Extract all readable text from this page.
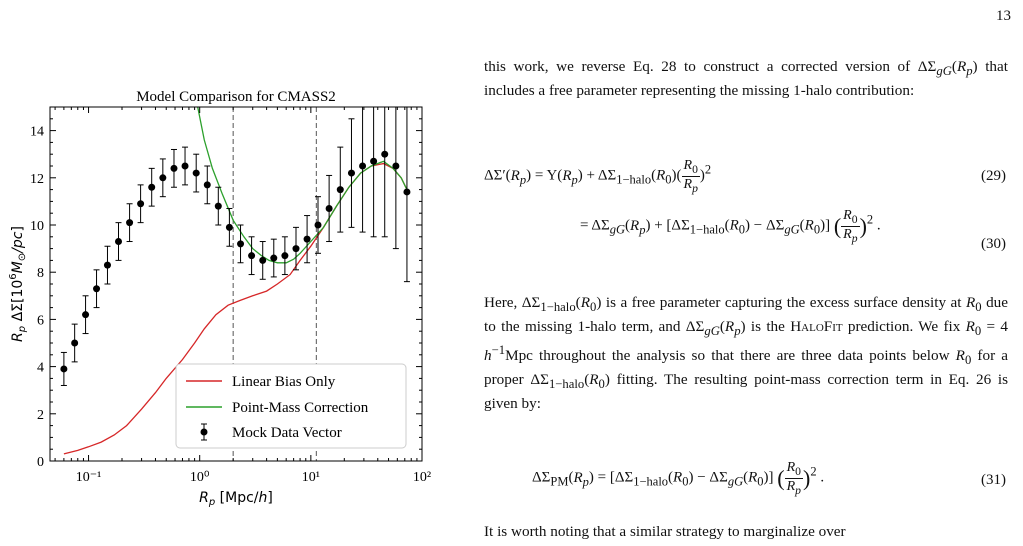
13
Model Comparison for CMASS2
0
2
4
6
8
10
12
14
10⁻¹	10⁰	10¹	10²
$R_p$ [Mpc/h]
$R_p$ $\Delta\Sigma[10^6M_⊙/pc]$
Linear Bias Only
Point-Mass Correction
Mock Data Vector

this work, we reverse Eq. 28 to construct a corrected version of $\Delta\Sigma_{gG}(R_p)$ that includes a free parameter representing the missing 1-halo contribution:

$\Delta\Sigma'(R_p) = \Upsilon(R_p) + \Delta\Sigma_{1-halo}(R_0)( \frac{R_0}{R_p} )^2$	(29)
= $\Delta\Sigma_{gG}(R_p) + [\Delta\Sigma_{1-halo}(R_0) - \Delta\Sigma_{gG}(R_0)]$ ( $\frac{R_0}{R_p} )^2$ .
(30)

Here, $\Delta\Sigma_{1-halo}(R_0)$ is a free parameter capturing the excess surface density at $R_0$ due to the missing 1-halo term, and $\Delta\Sigma_{gG}(R_p)$ is the HaloFit prediction. We fix $R_0 = 4$ $h^{-1}Mpc$ throughout the analysis so that there are three data points below $R_0$ for a proper $\Delta\Sigma_{1-halo}(R_0)$ fitting. The resulting point-mass correction term in Eq. 26 is given by:

$\Delta\Sigma_{PM}(R_p) = [\Delta\Sigma_{1-halo}(R_0) - \Delta\Sigma_{gG}(R_0)]$ ( $\frac{R_0}{R_p} )^2$ .	(31)

It is worth noting that a similar strategy to marginalize over
